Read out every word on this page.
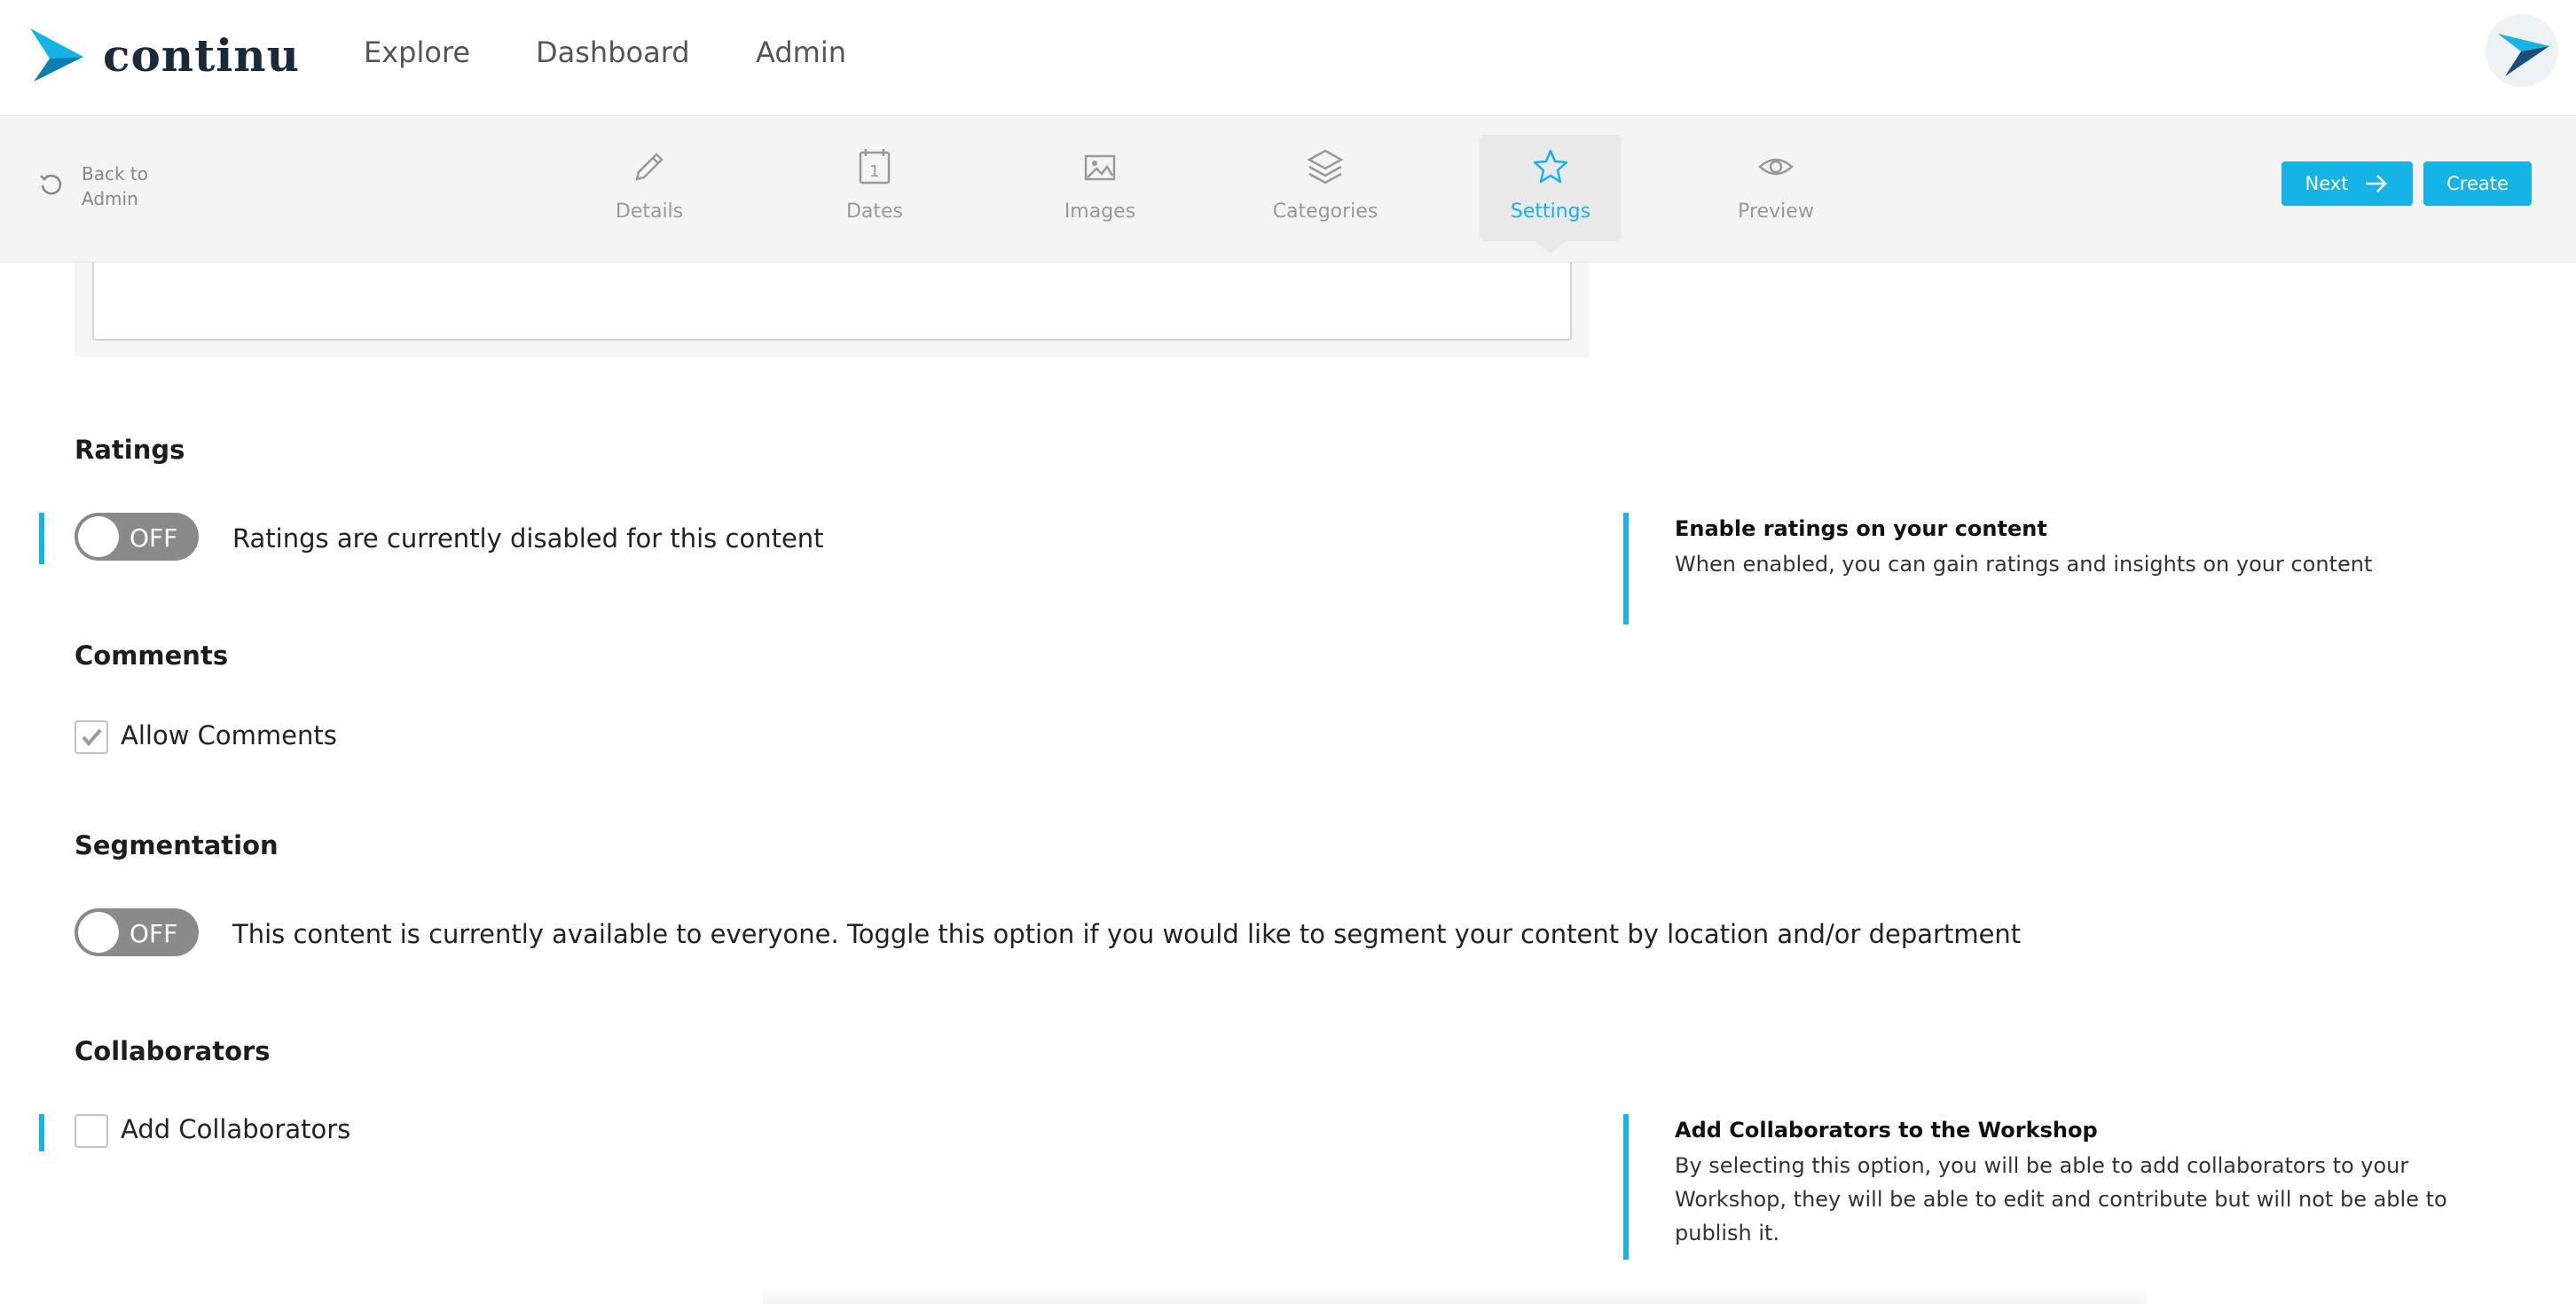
continu Explore Dashboard Admin
Back to Admin
Details
1
Dates	Images	Categories	Settings	Preview
Next	Create
Ratings
OFF Ratings are currently disabled for this content	Enable ratings on your content
When enabled, you can gain ratings and insights on your content
Comments
Allow Comments
Segmentation
OFF This content is currently available to everyone. Toggle this option if you would like to segment your content by location and/or department
Collaborators
Add Collaborators	Add Collaborators to the Workshop
By selecting this option, you will be able to add collaborators to your Workshop, they will be able to edit and contribute but will not be able to publish it.
